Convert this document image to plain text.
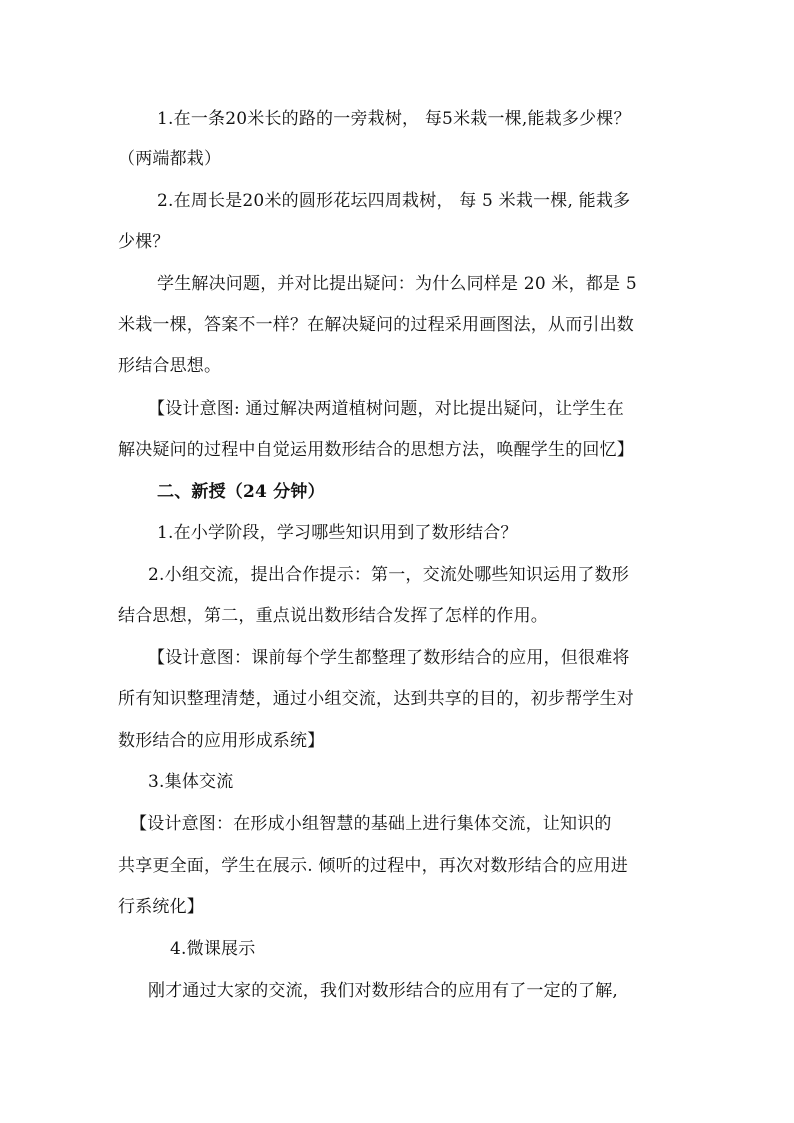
1.在一条20米长的路的一旁栽树， 每5米栽一棵,能栽多少棵？
（两端都栽）
2.在周长是20米的圆形花坛四周栽树， 每 5 米栽一棵, 能栽多
少棵？
学生解决问题，并对比提出疑问：为什么同样是 20 米，都是 5
米栽一棵，答案不一样？在解决疑问的过程采用画图法，从而引出数
形结合思想。
【设计意图: 通过解决两道植树问题，对比提出疑问，让学生在
解决疑问的过程中自觉运用数形结合的思想方法，唤醒学生的回忆】
二、新授（24 分钟）
1.在小学阶段，学习哪些知识用到了数形结合？
2.小组交流，提出合作提示：第一，交流处哪些知识运用了数形
结合思想，第二，重点说出数形结合发挥了怎样的作用。
【设计意图：课前每个学生都整理了数形结合的应用，但很难将
所有知识整理清楚，通过小组交流，达到共享的目的，初步帮学生对
数形结合的应用形成系统】
3.集体交流
【设计意图：在形成小组智慧的基础上进行集体交流，让知识的
共享更全面，学生在展示. 倾听的过程中，再次对数形结合的应用进
行系统化】
4.微课展示
刚才通过大家的交流，我们对数形结合的应用有了一定的了解,
